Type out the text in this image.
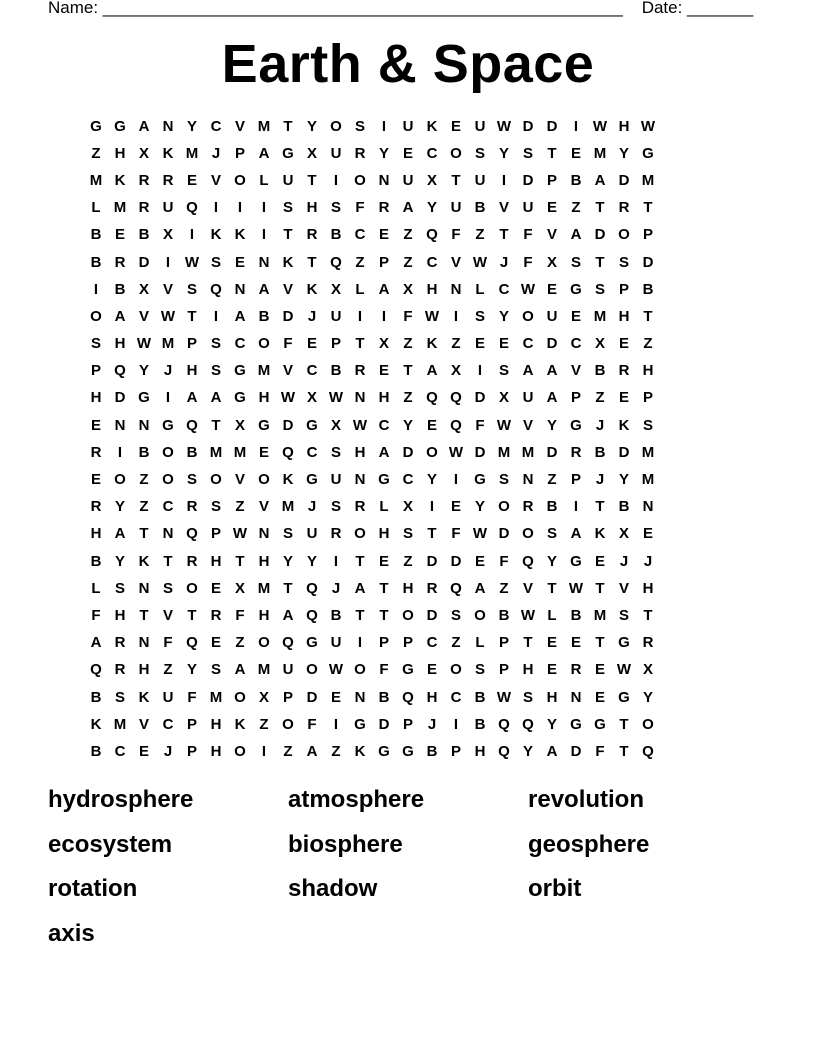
Name: _______________________________________________________    Date: _______
Earth & Space
G G A N Y C V M T Y O S	I	U K E U W D D	I W H W
Z H X K M J P A G X U R Y E C O S Y S T E M Y G
M K R R E V O L U T	I	O N U X T U	I	D P B A D M
L M R U Q	I	I	I	S H S F R A Y U B V U E Z T R T
B E B X	I	K K	I	T R B C E Z Q F Z T F V A D O P
B R D	I W S E N K T Q Z P Z C V W J	F X S T S D
I	B X V S Q N A V K X L A X H N L C W E G S P B
O A V W T	I	A B D J U	I	I	F W I	S Y O U E M H T
S H W M P S C O F E P T X Z K Z E E C D C X E Z
P Q Y J H S G M V C B R E T A X	I	S A A V B R H
H D G	I	A A G H W X W N H Z Q Q D X U A P Z E P
E N N G Q T X G D G X W C Y E Q F W V Y G J K S
R	I	B O B M M E Q C S H A D O W D M M D R B D M
E O Z O S O V O K G U N G C Y	I	G S N Z P J Y M
R Y Z C R S Z V M J S R L X	I	E Y O R B	I	T B N
H A T N Q P W N S U R O H S T F W D O S A K X E
B Y K T R H T H Y Y	I	T E Z D D E F Q Y G E J	J
L S N S O E X M T Q J A T H R Q A Z V T W T V H
F H T V T R F H A Q B T T O D S O B W L B M S T
A R N F Q E Z O Q G U	I	P P C Z L P T E E T G R
Q R H Z Y S A M U O W O F G E O S P H E R E W X
B S K U F M O X P D E N B Q H C B W S H N E G Y
K M V C P H K Z O F	I	G D P J	I	B Q Q Y G G T O
B C E J P H O	I	Z A Z K G G B P H Q Y A D F T Q
hydrosphere	atmosphere	revolution
ecosystem	biosphere	geosphere
rotation	shadow	orbit
axis
